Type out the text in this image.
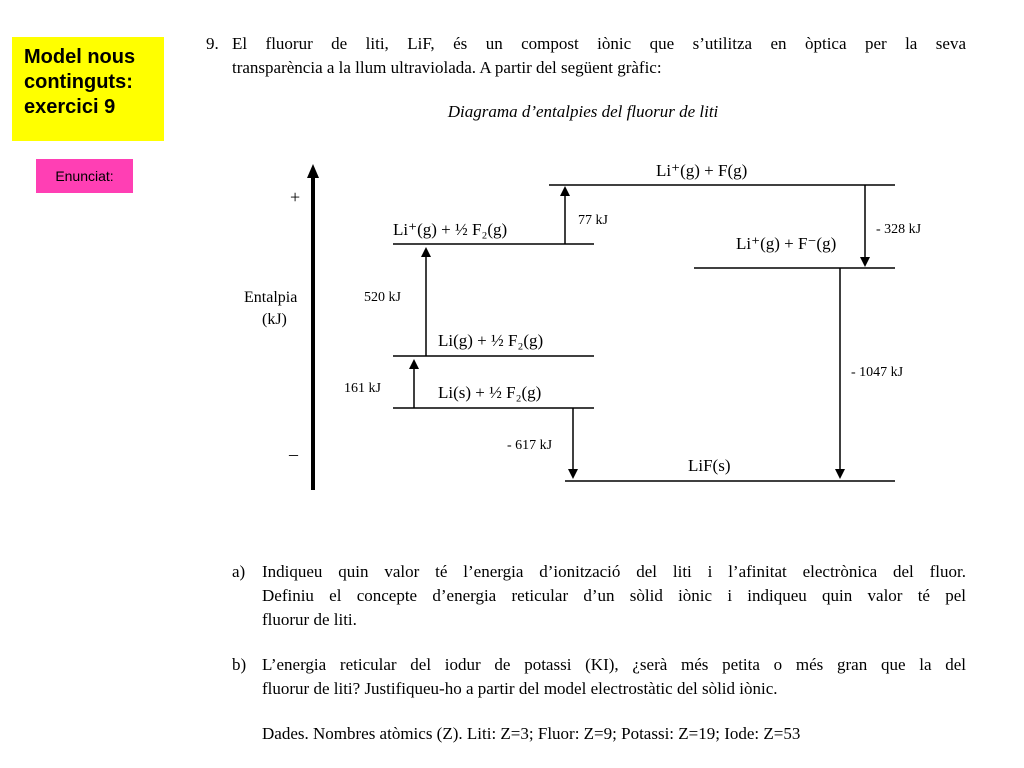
Model nous
continguts:
exercici 9
Enunciat:
9. El fluorur de liti, LiF, és un compost iònic que s’utilitza en òptica per la seva
transparència a la llum ultraviolada. A partir del següent gràfic:
Diagrama d’entalpies del fluorur de liti
+
–
Entalpia
(kJ)
Li⁺(g) + F(g)
Li⁺(g) + ½ F₂(g)
Li⁺(g) + F⁻(g)
Li(g) + ½ F₂(g)
Li(s) + ½ F₂(g)
LiF(s)
161 kJ
520 kJ
77 kJ
- 328 kJ
- 617 kJ
- 1047 kJ
a) Indiqueu quin valor té l’energia d’ionització del liti i l’afinitat electrònica del fluor.
Definiu el concepte d’energia reticular d’un sòlid iònic i indiqueu quin valor té pel
fluorur de liti.
b) L’energia reticular del iodur de potassi (KI), ¿serà més petita o més gran que la del
fluorur de liti? Justifiqueu-ho a partir del model electrostàtic del sòlid iònic.
Dades. Nombres atòmics (Z). Liti: Z=3; Fluor: Z=9; Potassi: Z=19; Iode: Z=53
